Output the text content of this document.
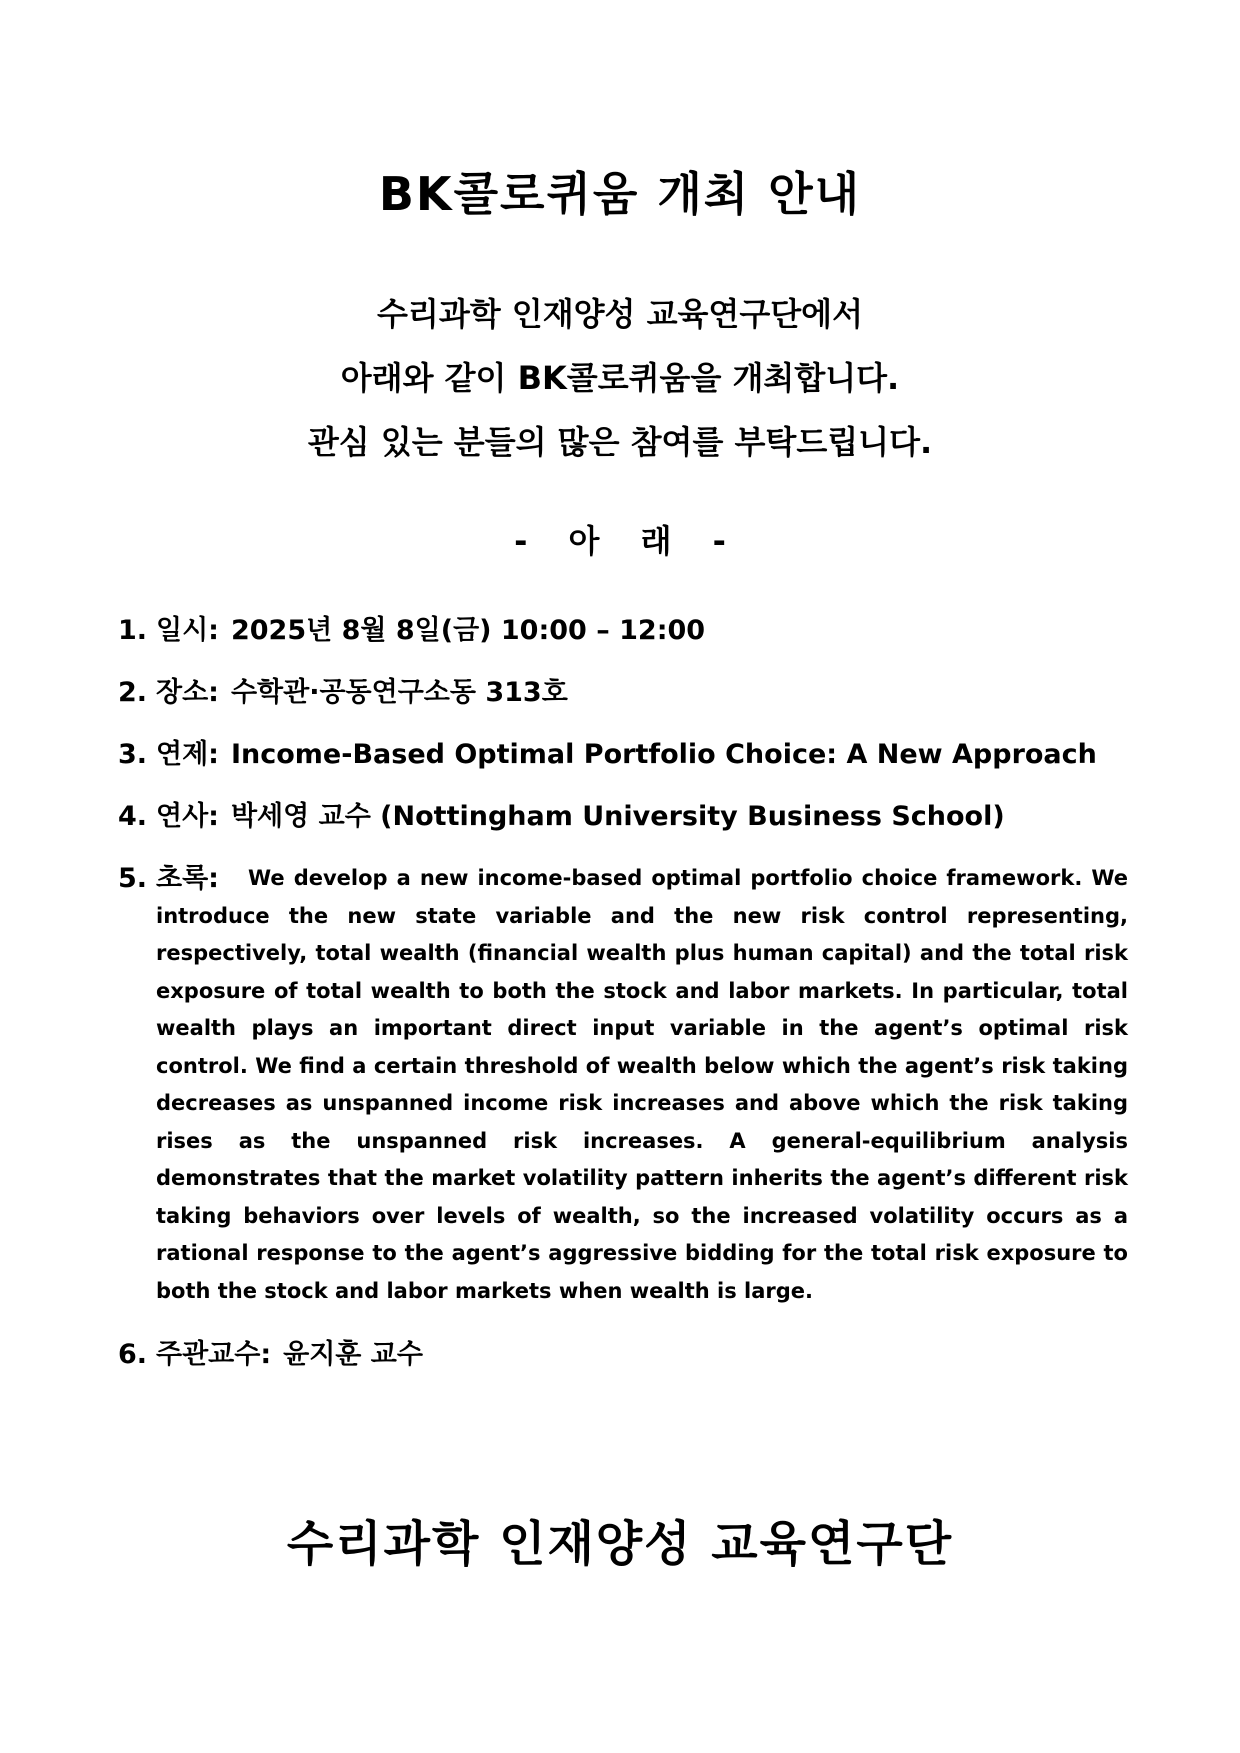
BK콜로퀴움 개최 안내
수리과학 인재양성 교육연구단에서
아래와 같이 BK콜로퀴움을 개최합니다.
관심 있는 분들의 많은 참여를 부탁드립니다.
- 아 래 -
1. 일시: 2025년 8월 8일(금) 10:00 – 12:00
2. 장소: 수학관·공동연구소동 313호
3. 연제: Income-Based Optimal Portfolio Choice: A New Approach
4. 연사: 박세영 교수 (Nottingham University Business School)
5. 초록:	We develop a new income-based optimal portfolio choice framework. We introduce the new state variable and the new risk control representing, respectively, total wealth (financial wealth plus human capital) and the total risk exposure of total wealth to both the stock and labor markets. In particular, total wealth plays an important direct input variable in the agent’s optimal risk control. We find a certain threshold of wealth below which the agent’s risk taking decreases as unspanned income risk increases and above which the risk taking rises as the unspanned risk increases. A general-equilibrium analysis demonstrates that the market volatility pattern inherits the agent’s different risk taking behaviors over levels of wealth, so the increased volatility occurs as a rational response to the agent’s aggressive bidding for the total risk exposure to both the stock and labor markets when wealth is large.
6. 주관교수: 윤지훈 교수
수리과학 인재양성 교육연구단
